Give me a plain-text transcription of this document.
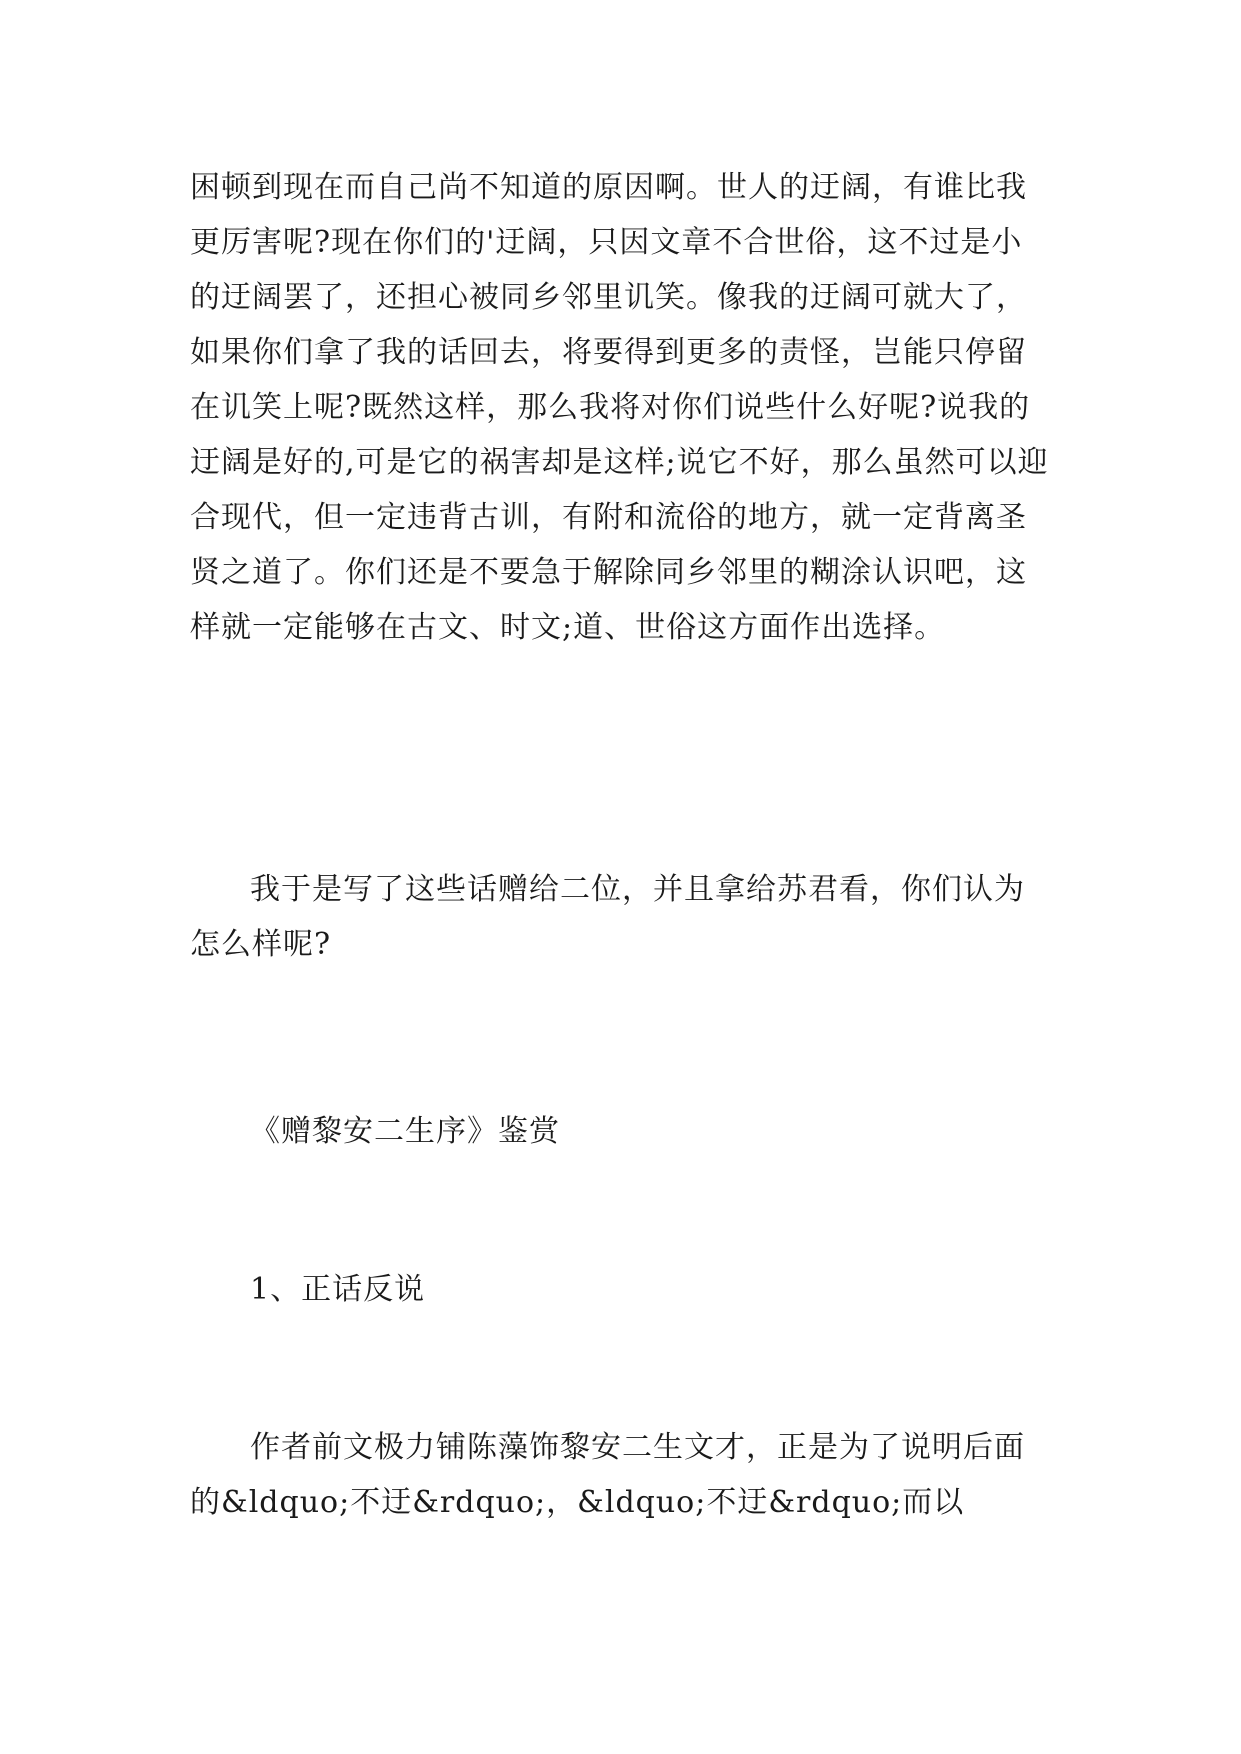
困顿到现在而自己尚不知道的原因啊。世人的迂阔，有谁比我更厉害呢?现在你们的'迂阔，只因文章不合世俗，这不过是小的迂阔罢了，还担心被同乡邻里讥笑。像我的迂阔可就大了，如果你们拿了我的话回去，将要得到更多的责怪，岂能只停留在讥笑上呢?既然这样，那么我将对你们说些什么好呢?说我的迂阔是好的,可是它的祸害却是这样;说它不好，那么虽然可以迎合现代，但一定违背古训，有附和流俗的地方，就一定背离圣贤之道了。你们还是不要急于解除同乡邻里的糊涂认识吧，这样就一定能够在古文、时文;道、世俗这方面作出选择。

我于是写了这些话赠给二位，并且拿给苏君看，你们认为怎么样呢?

《赠黎安二生序》鉴赏

1、正话反说

作者前文极力铺陈藻饰黎安二生文才，正是为了说明后面的&ldquo;不迂&rdquo;，&ldquo;不迂&rdquo;而以
